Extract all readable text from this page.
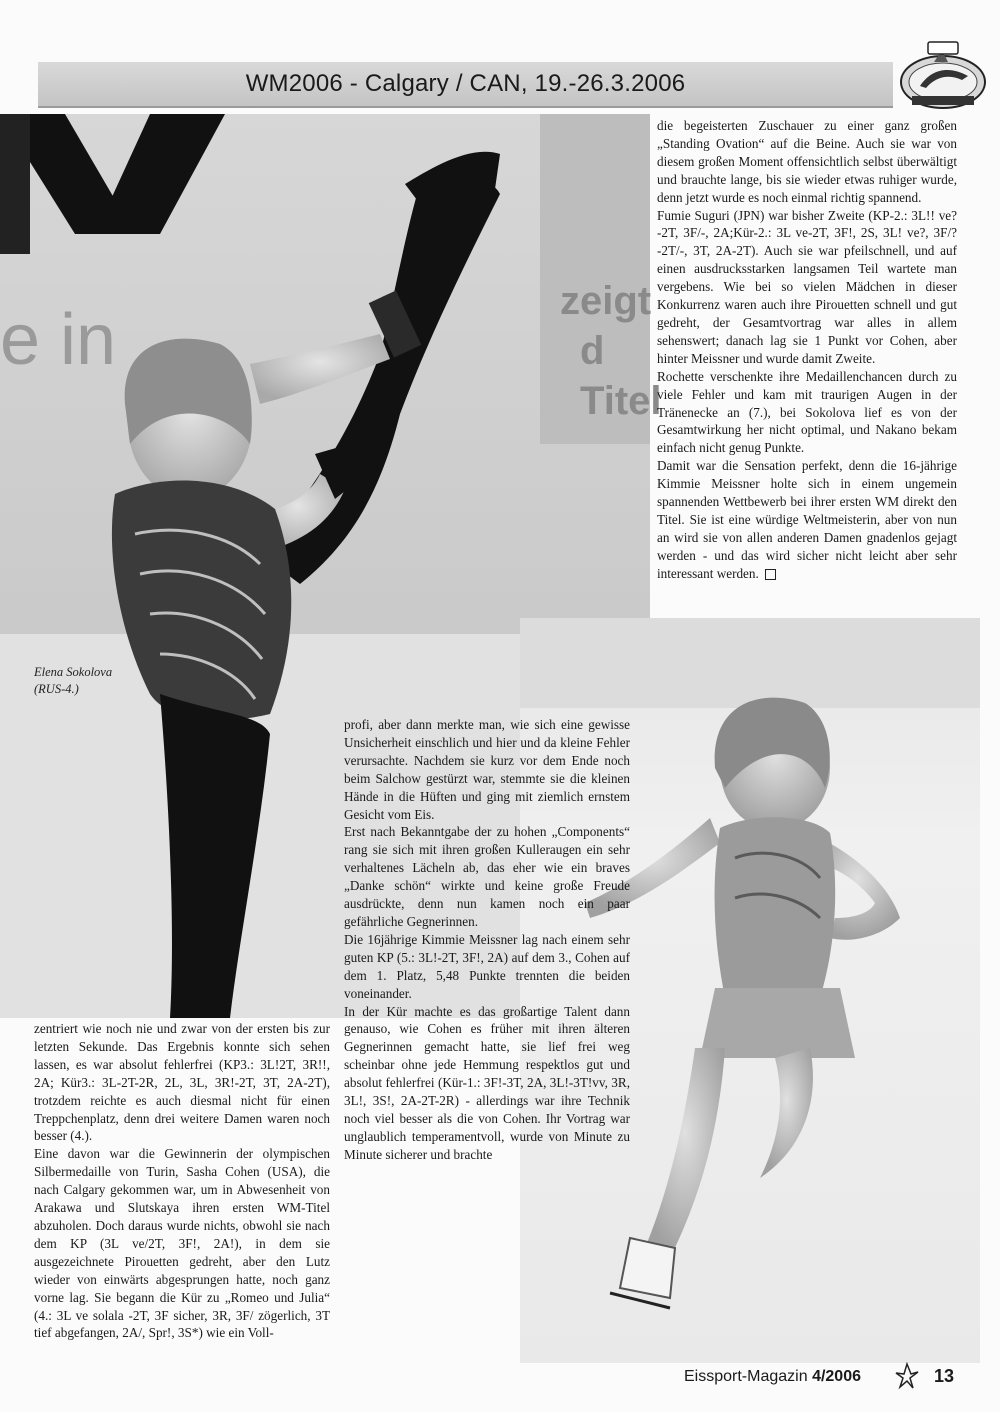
WM2006 - Calgary / CAN, 19.-26.3.2006
e in	zeigt
d
Titel
Elena Sokolova
(RUS-4.)

die begeisterten Zuschauer zu einer ganz großen „Standing Ovation“ auf die Beine. Auch sie war von diesem großen Moment offensichtlich selbst überwältigt und brauchte lange, bis sie wieder etwas ruhiger wurde, denn jetzt wurde es noch einmal richtig spannend.

Fumie Suguri (JPN) war bisher Zweite (KP-2.: 3L!! ve?-2T, 3F/-, 2A;Kür-2.: 3L ve-2T, 3F!, 2S, 3L! ve?, 3F/?-2T/-, 3T, 2A-2T). Auch sie war pfeilschnell, und auf einen ausdrucksstarken langsamen Teil wartete man vergebens. Wie bei so vielen Mädchen in dieser Konkurrenz waren auch ihre Pirouetten schnell und gut gedreht, der Gesamtvortrag war alles in allem sehenswert; danach lag sie 1 Punkt vor Cohen, aber hinter Meissner und wurde damit Zweite.

Rochette verschenkte ihre Medaillenchancen durch zu viele Fehler und kam mit traurigen Augen in der Tränenecke an (7.), bei Sokolova lief es von der Gesamtwirkung her nicht optimal, und Nakano bekam einfach nicht genug Punkte.

Damit war die Sensation perfekt, denn die 16-jährige Kimmie Meissner holte sich in einem ungemein spannenden Wettbewerb bei ihrer ersten WM direkt den Titel. Sie ist eine würdige Weltmeisterin, aber von nun an wird sie von allen anderen Damen gnadenlos gejagt werden - und das wird sicher nicht leicht aber sehr interessant werden.

profi, aber dann merkte man, wie sich eine gewisse Unsicherheit einschlich und hier und da kleine Fehler verursachte. Nachdem sie kurz vor dem Ende noch beim Salchow gestürzt war, stemmte sie die kleinen Hände in die Hüften und ging mit ziemlich ernstem Gesicht vom Eis.

Erst nach Bekanntgabe der zu hohen „Components“ rang sie sich mit ihren großen Kulleraugen ein sehr verhaltenes Lächeln ab, das eher wie ein braves „Danke schön“ wirkte und keine große Freude ausdrückte, denn nun kamen noch ein paar gefährliche Gegnerinnen.

Die 16jährige Kimmie Meissner lag nach einem sehr guten KP (5.: 3L!-2T, 3F!, 2A) auf dem 3., Cohen auf dem 1. Platz, 5,48 Punkte trennten die beiden voneinander.

In der Kür machte es das großartige Talent dann genauso, wie Cohen es früher mit ihren älteren Gegnerinnen gemacht hatte, sie lief frei weg scheinbar ohne jede Hemmung respektlos gut und absolut fehlerfrei (Kür-1.: 3F!-3T, 2A, 3L!-3T!vv, 3R, 3L!, 3S!, 2A-2T-2R) - allerdings war ihre Technik noch viel besser als die von Cohen. Ihr Vortrag war unglaublich temperamentvoll, wurde von Minute zu Minute sicherer und brachte

zentriert wie noch nie und zwar von der ersten bis zur letzten Sekunde. Das Ergebnis konnte sich sehen lassen, es war absolut fehlerfrei (KP3.: 3L!2T, 3R!!, 2A; Kür3.: 3L-2T-2R, 2L, 3L, 3R!-2T, 3T, 2A-2T), trotzdem reichte es auch diesmal nicht für einen Treppchenplatz, denn drei weitere Damen waren noch besser (4.).

Eine davon war die Gewinnerin der olympischen Silbermedaille von Turin, Sasha Cohen (USA), die nach Calgary gekommen war, um in Abwesenheit von Arakawa und Slutskaya ihren ersten WM-Titel abzuholen. Doch daraus wurde nichts, obwohl sie nach dem KP (3L ve/2T, 3F!, 2A!), in dem sie ausgezeichnete Pirouetten gedreht, aber den Lutz wieder von einwärts abgesprungen hatte, noch ganz vorne lag. Sie begann die Kür zu „Romeo und Julia“ (4.: 3L ve solala -2T, 3F sicher, 3R, 3F/ zögerlich, 3T tief abgefangen, 2A/, Spr!, 3S*) wie ein Voll-

Eissport-Magazin 4/2006	13
